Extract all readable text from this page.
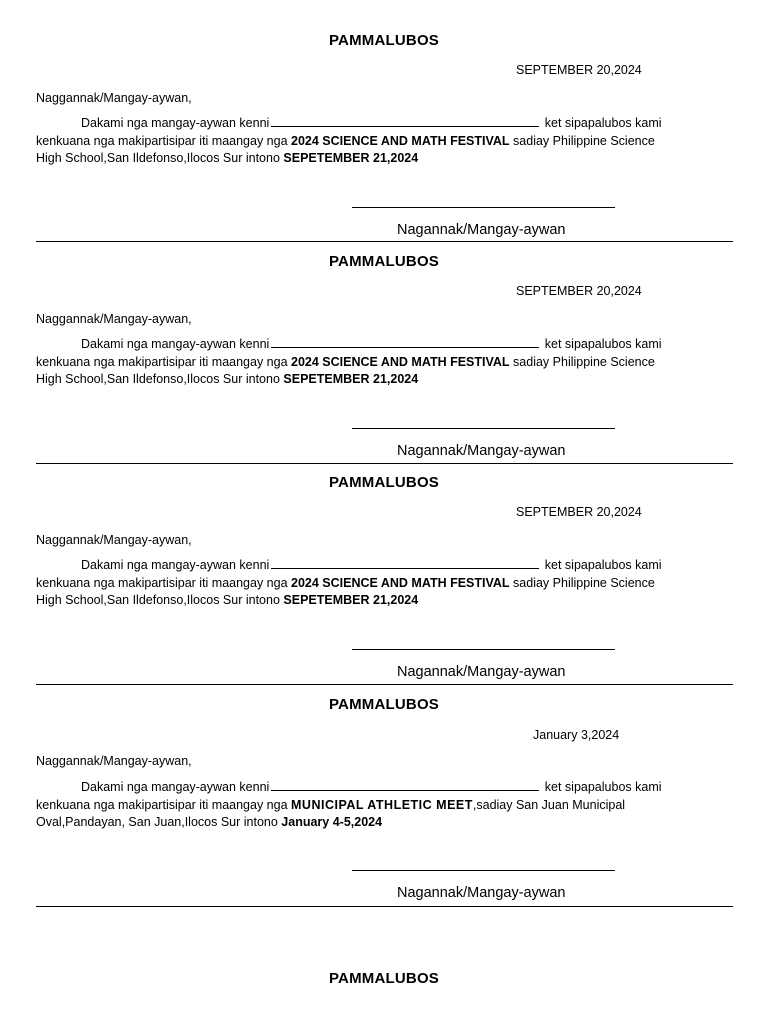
PAMMALUBOS
SEPTEMBER 20,2024
Naggannak/Mangay-aywan,
Dakami nga mangay-aywan kenni	ket sipapalubos kami
kenkuana nga makipartisipar iti maangay nga 2024 SCIENCE AND MATH FESTIVAL sadiay Philippine Science
High School,San Ildefonso,Ilocos Sur intono SEPETEMBER 21,2024
Nagannak/Mangay-aywan
PAMMALUBOS
SEPTEMBER 20,2024
Naggannak/Mangay-aywan,
Dakami nga mangay-aywan kenni	ket sipapalubos kami
kenkuana nga makipartisipar iti maangay nga 2024 SCIENCE AND MATH FESTIVAL sadiay Philippine Science
High School,San Ildefonso,Ilocos Sur intono SEPETEMBER 21,2024
Nagannak/Mangay-aywan
PAMMALUBOS
SEPTEMBER 20,2024
Naggannak/Mangay-aywan,
Dakami nga mangay-aywan kenni	ket sipapalubos kami
kenkuana nga makipartisipar iti maangay nga 2024 SCIENCE AND MATH FESTIVAL sadiay Philippine Science
High School,San Ildefonso,Ilocos Sur intono SEPETEMBER 21,2024
Nagannak/Mangay-aywan
PAMMALUBOS
January 3,2024
Naggannak/Mangay-aywan,
Dakami nga mangay-aywan kenni	ket sipapalubos kami
kenkuana nga makipartisipar iti maangay nga MUNICIPAL ATHLETIC MEET,sadiay San Juan Municipal
Oval,Pandayan, San Juan,Ilocos Sur intono January 4-5,2024
Nagannak/Mangay-aywan
PAMMALUBOS
